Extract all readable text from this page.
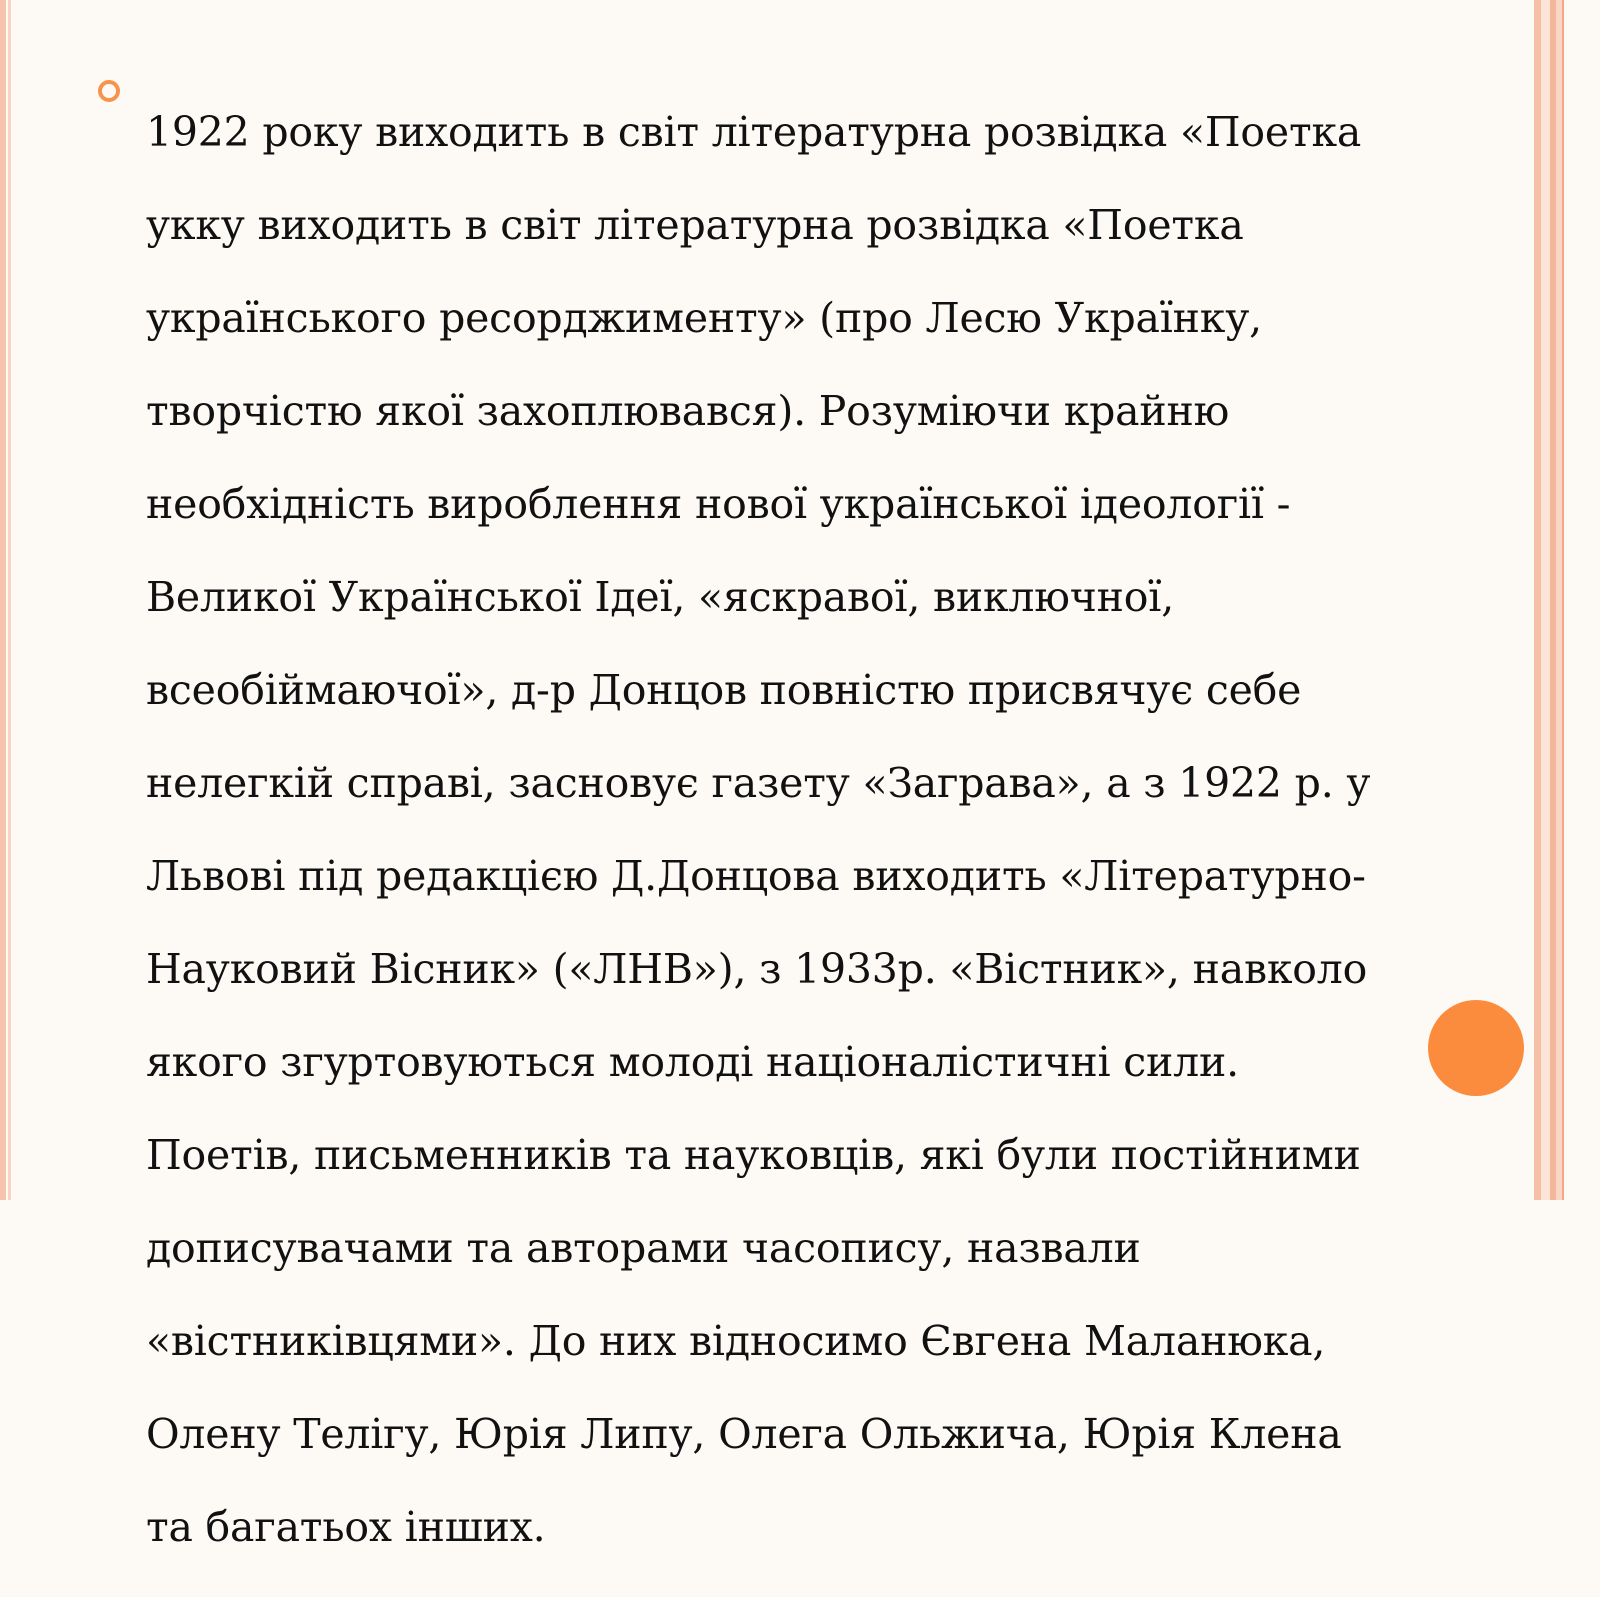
1922 року виходить в світ літературна розвідка «Поетка

укку виходить в світ літературна розвідка «Поетка

українського ресорджименту» (про Лесю Українку,

творчістю якої захоплювався). Розуміючи крайню

необхідність вироблення нової української ідеології -

Великої Української Ідеї, «яскравої, виключної,

всеобіймаючої», д-р Донцов повністю присвячує себе

нелегкій справі, засновує газету «Заграва», а з 1922 р. у

Львові під редакцією Д.Донцова виходить «Літературно-

Науковий Вісник» («ЛНВ»), з 1933р. «Вістник», навколо

якого згуртовуються молоді націоналістичні сили.

Поетів, письменників та науковців, які були постійними

дописувачами та авторами часопису, назвали

«вістниківцями». До них відносимо Євгена Маланюка,

Олену Телігу, Юрія Липу, Олега Ольжича, Юрія Клена

та багатьох інших.
